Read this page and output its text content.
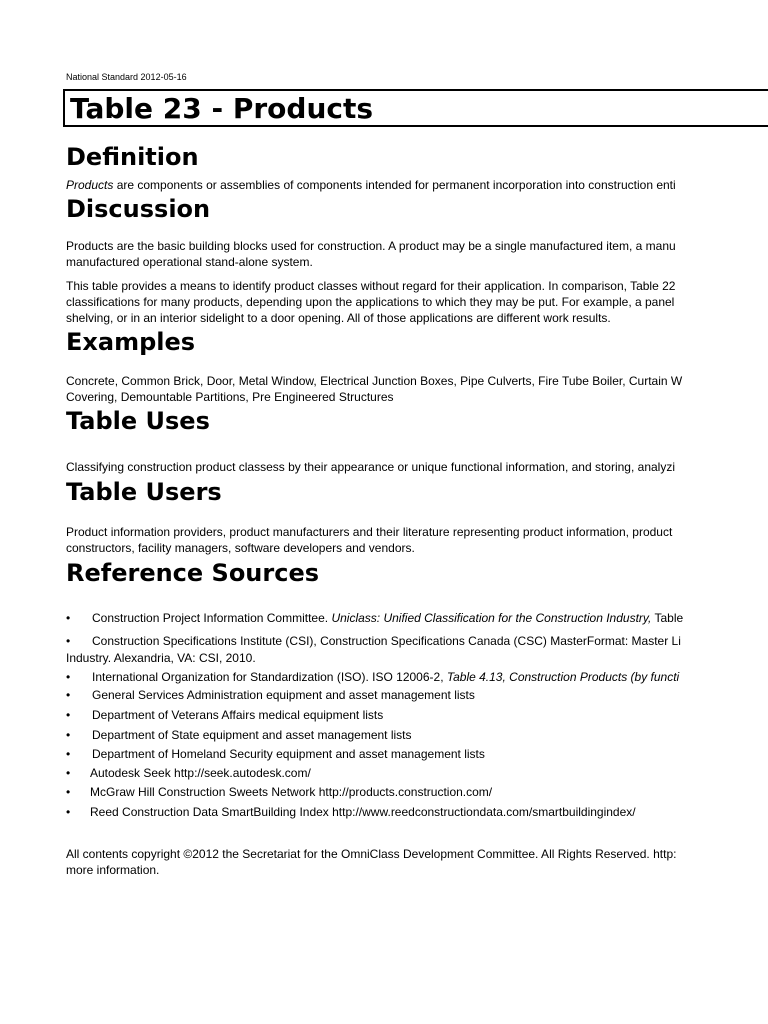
National Standard 2012-05-16
Table 23 - Products
Definition
Products are components or assemblies of components intended for permanent incorporation into construction enti
Discussion
Products are the basic building blocks used for construction. A product may be a single manufactured item, a manu
manufactured operational stand-alone system.
This table provides a means to identify product classes without regard for their application. In comparison, Table 22
classifications for many products, depending upon the applications to which they may be put. For example, a panel
shelving, or in an interior sidelight to a door opening. All of those applications are different work results.
Examples
Concrete, Common Brick, Door, Metal Window, Electrical Junction Boxes, Pipe Culverts, Fire Tube Boiler, Curtain W
Covering, Demountable Partitions, Pre Engineered Structures
Table Uses
Classifying construction product classess by their appearance or unique functional information, and storing, analyzi
Table Users
Product information providers, product manufacturers and their literature representing product information, product
constructors, facility managers, software developers and vendors.
Reference Sources
• Construction Project Information Committee. Uniclass: Unified Classification for the Construction Industry, Table
• Construction Specifications Institute (CSI), Construction Specifications Canada (CSC) MasterFormat: Master Li
Industry. Alexandria, VA: CSI, 2010.
• International Organization for Standardization (ISO). ISO 12006-2, Table 4.13, Construction Products (by functi
• General Services Administration equipment and asset management lists
• Department of Veterans Affairs medical equipment lists
• Department of State equipment and asset management lists
• Department of Homeland Security equipment and asset management lists
• Autodesk Seek http://seek.autodesk.com/
• McGraw Hill Construction Sweets Network http://products.construction.com/
• Reed Construction Data SmartBuilding Index http://www.reedconstructiondata.com/smartbuildingindex/
All contents copyright ©2012 the Secretariat for the OmniClass Development Committee. All Rights Reserved. http:
more information.
